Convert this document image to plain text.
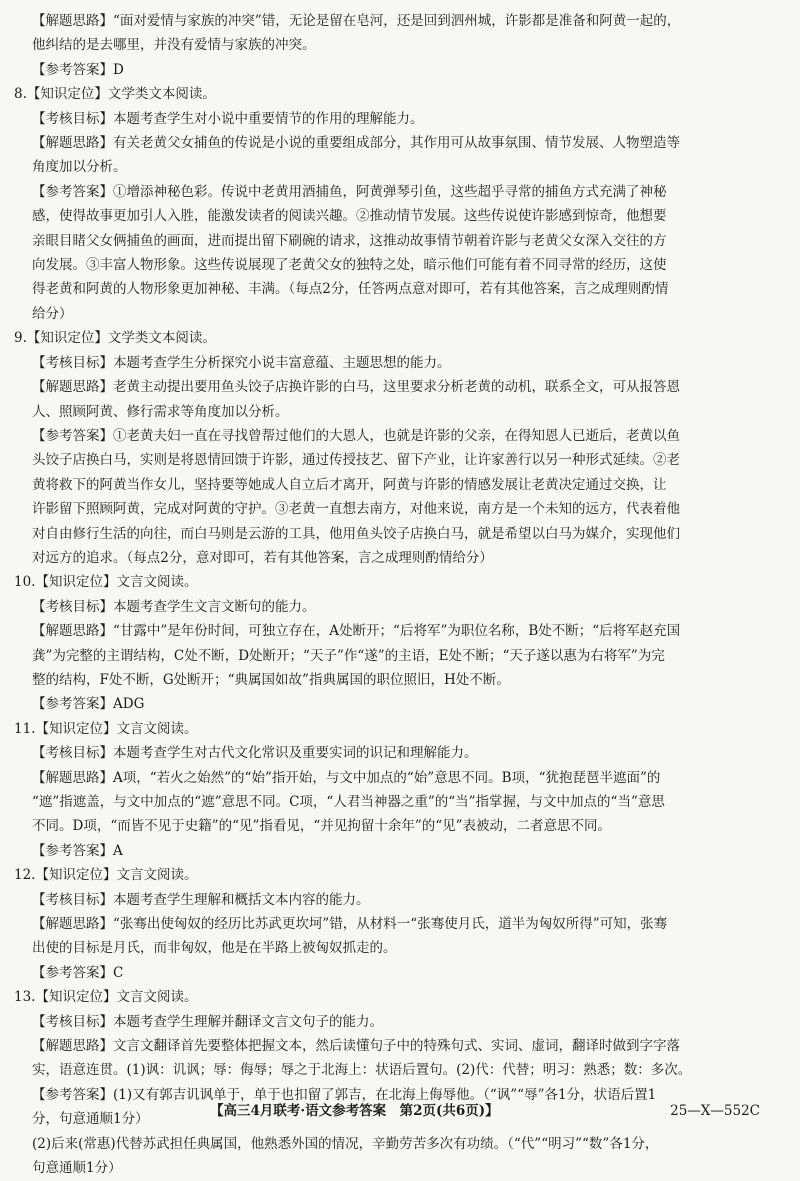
【解题思路】“面对爱情与家族的冲突”错，无论是留在皂河，还是回到泗州城，许影都是准备和阿黄一起的，

他纠结的是去哪里，并没有爱情与家族的冲突。

【参考答案】D

8.【知识定位】文学类文本阅读。

【考核目标】本题考查学生对小说中重要情节的作用的理解能力。

【解题思路】有关老黄父女捕鱼的传说是小说的重要组成部分，其作用可从故事氛围、情节发展、人物塑造等

角度加以分析。

【参考答案】①增添神秘色彩。传说中老黄用酒捕鱼，阿黄弹琴引鱼，这些超乎寻常的捕鱼方式充满了神秘

感，使得故事更加引人入胜，能激发读者的阅读兴趣。②推动情节发展。这些传说使许影感到惊奇，他想要

亲眼目睹父女俩捕鱼的画面，进而提出留下刷碗的请求，这推动故事情节朝着许影与老黄父女深入交往的方

向发展。③丰富人物形象。这些传说展现了老黄父女的独特之处，暗示他们可能有着不同寻常的经历，这使

得老黄和阿黄的人物形象更加神秘、丰满。（每点2分，任答两点意对即可，若有其他答案，言之成理则酌情

给分）

9.【知识定位】文学类文本阅读。

【考核目标】本题考查学生分析探究小说丰富意蕴、主题思想的能力。

【解题思路】老黄主动提出要用鱼头饺子店换许影的白马，这里要求分析老黄的动机，联系全文，可从报答恩

人、照顾阿黄、修行需求等角度加以分析。

【参考答案】①老黄夫妇一直在寻找曾帮过他们的大恩人，也就是许影的父亲，在得知恩人已逝后，老黄以鱼

头饺子店换白马，实则是将恩情回馈于许影，通过传授技艺、留下产业，让许家善行以另一种形式延续。②老

黄将救下的阿黄当作女儿，坚持要等她成人自立后才离开，阿黄与许影的情感发展让老黄决定通过交换，让

许影留下照顾阿黄，完成对阿黄的守护。③老黄一直想去南方，对他来说，南方是一个未知的远方，代表着他

对自由修行生活的向往，而白马则是云游的工具，他用鱼头饺子店换白马，就是希望以白马为媒介，实现他们

对远方的追求。（每点2分，意对即可，若有其他答案，言之成理则酌情给分）

10.【知识定位】文言文阅读。

【考核目标】本题考查学生文言文断句的能力。

【解题思路】“甘露中”是年份时间，可独立存在，A处断开；“后将军”为职位名称，B处不断；“后将军赵充国

龚”为完整的主谓结构，C处不断，D处断开；“天子”作“遂”的主语，E处不断；“天子遂以惠为右将军”为完

整的结构，F处不断，G处断开；“典属国如故”指典属国的职位照旧，H处不断。

【参考答案】ADG

11.【知识定位】文言文阅读。

【考核目标】本题考查学生对古代文化常识及重要实词的识记和理解能力。

【解题思路】A项，“若火之始然”的“始”指开始，与文中加点的“始”意思不同。B项，“犹抱琵琶半遮面”的

“遮”指遮盖，与文中加点的“遮”意思不同。C项，“人君当神器之重”的“当”指掌握，与文中加点的“当”意思

不同。D项，“而皆不见于史籍”的“见”指看见，“并见拘留十余年”的“见”表被动，二者意思不同。

【参考答案】A

12.【知识定位】文言文阅读。

【考核目标】本题考查学生理解和概括文本内容的能力。

【解题思路】“张骞出使匈奴的经历比苏武更坎坷”错，从材料一“张骞使月氏，道半为匈奴所得”可知，张骞

出使的目标是月氏，而非匈奴，他是在半路上被匈奴抓走的。

【参考答案】C

13.【知识定位】文言文阅读。

【考核目标】本题考查学生理解并翻译文言文句子的能力。

【解题思路】文言文翻译首先要整体把握文本，然后读懂句子中的特殊句式、实词、虚词，翻译时做到字字落

实，语意连贯。(1)讽：讥讽；辱：侮辱；辱之于北海上：状语后置句。(2)代：代替；明习：熟悉；数：多次。

【参考答案】(1)又有郭吉讥讽单于，单于也扣留了郭吉，在北海上侮辱他。（“讽”“辱”各1分，状语后置1

分，句意通顺1分）

(2)后来(常惠)代替苏武担任典属国，他熟悉外国的情况，辛勤劳苦多次有功绩。（“代”“明习”“数”各1分，

句意通顺1分）

【高三4月联考·语文参考答案　第2页(共6页)】	25—X—552C
